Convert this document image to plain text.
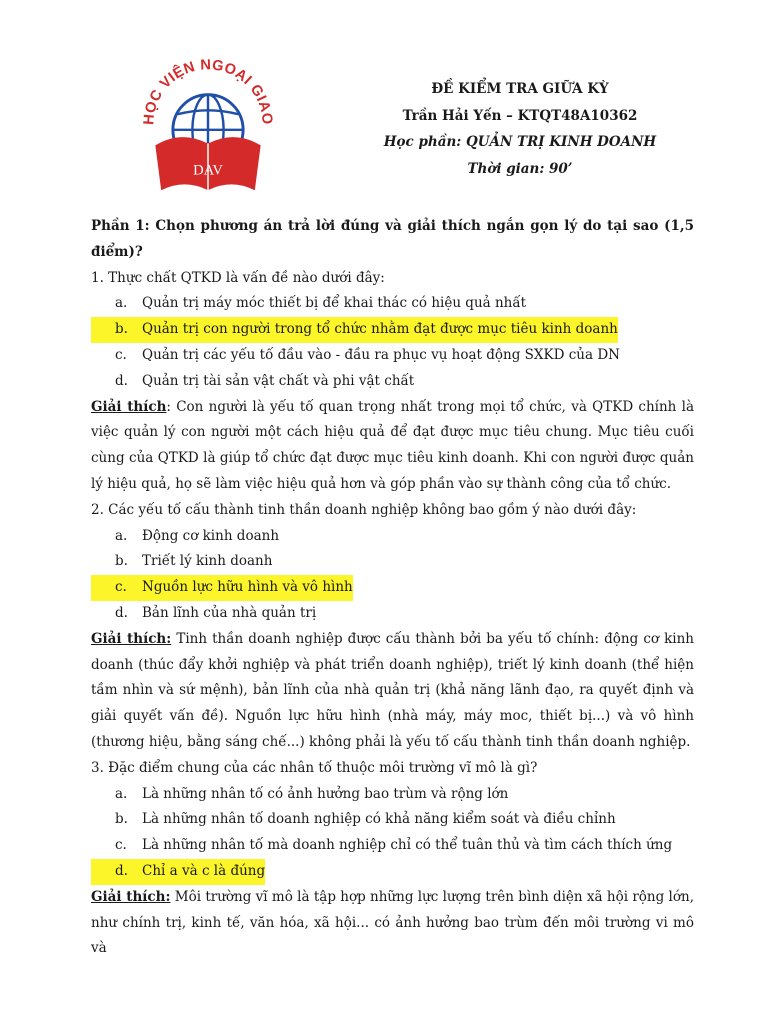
HỌC VIỆN NGOẠI GIAO
DAV
ĐỀ KIỂM TRA GIỮA KỲ
Trần Hải Yến – KTQT48A10362
Học phần: QUẢN TRỊ KINH DOANH
Thời gian: 90’

Phần 1: Chọn phương án trả lời đúng và giải thích ngắn gọn lý do tại sao (1,5 điểm)?

1. Thực chất QTKD là vấn đề nào dưới đây:

a.	Quản trị máy móc thiết bị để khai thác có hiệu quả nhất

b.	Quản trị con người trong tổ chức nhằm đạt được mục tiêu kinh doanh

c.	Quản trị các yếu tố đầu vào - đầu ra phục vụ hoạt động SXKD của DN

d.	Quản trị tài sản vật chất và phi vật chất

Giải thích: Con người là yếu tố quan trọng nhất trong mọi tổ chức, và QTKD chính là việc quản lý con người một cách hiệu quả để đạt được mục tiêu chung. Mục tiêu cuối cùng của QTKD là giúp tổ chức đạt được mục tiêu kinh doanh. Khi con người được quản lý hiệu quả, họ sẽ làm việc hiệu quả hơn và góp phần vào sự thành công của tổ chức.

2. Các yếu tố cấu thành tinh thần doanh nghiệp không bao gồm ý nào dưới đây:

a.	Động cơ kinh doanh

b.	Triết lý kinh doanh

c.	Nguồn lực hữu hình và vô hình

d.	Bản lĩnh của nhà quản trị

Giải thích: Tinh thần doanh nghiệp được cấu thành bởi ba yếu tố chính: động cơ kinh doanh (thúc đẩy khởi nghiệp và phát triển doanh nghiệp), triết lý kinh doanh (thể hiện tầm nhìn và sứ mệnh), bản lĩnh của nhà quản trị (khả năng lãnh đạo, ra quyết định và giải quyết vấn đề). Nguồn lực hữu hình (nhà máy, máy moc, thiết bị...) và vô hình (thương hiệu, bằng sáng chế...) không phải là yếu tố cấu thành tinh thần doanh nghiệp.

3. Đặc điểm chung của các nhân tố thuộc môi trường vĩ mô là gì?

a.	Là những nhân tố có ảnh hưởng bao trùm và rộng lớn

b.	Là những nhân tố doanh nghiệp có khả năng kiểm soát và điều chỉnh

c.	Là những nhân tố mà doanh nghiệp chỉ có thể tuân thủ và tìm cách thích ứng

d.	Chỉ a và c là đúng

Giải thích: Môi trường vĩ mô là tập hợp những lực lượng trên bình diện xã hội rộng lớn, như chính trị, kinh tế, văn hóa, xã hội... có ảnh hưởng bao trùm đến môi trường vi mô và
